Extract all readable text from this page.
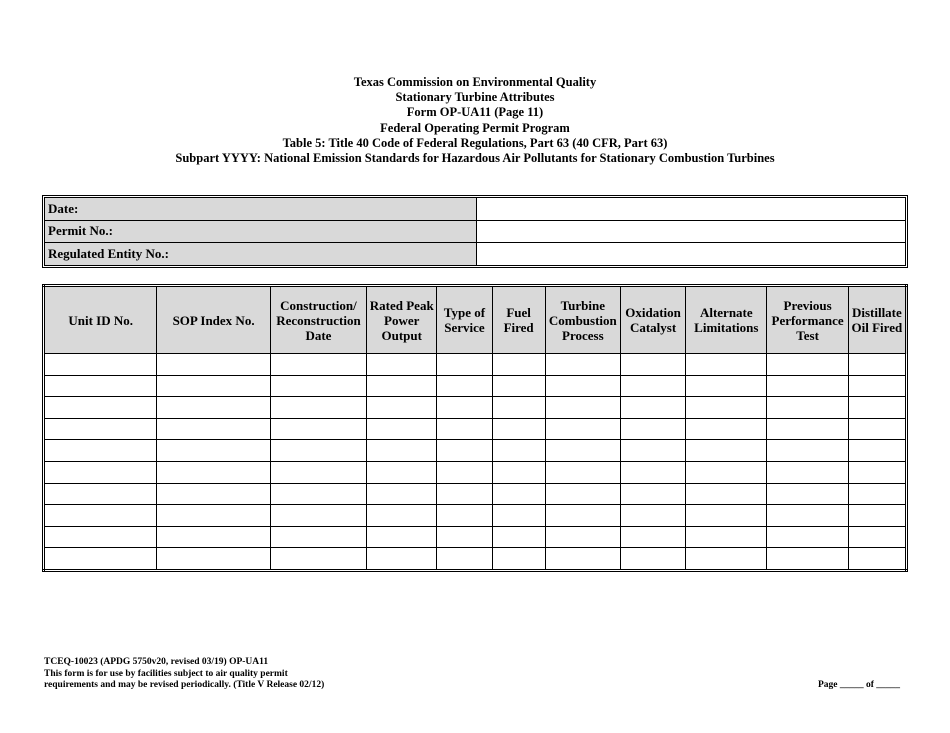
Texas Commission on Environmental Quality
Stationary Turbine Attributes
Form OP-UA11 (Page 11)
Federal Operating Permit Program
Table 5: Title 40 Code of Federal Regulations, Part 63 (40 CFR, Part 63)
Subpart YYYY: National Emission Standards for Hazardous Air Pollutants for Stationary Combustion Turbines
Date:	
Permit No.:	
Regulated Entity No.:	
Unit ID No.	SOP Index No.	Construction/ Reconstruction Date	Rated Peak Power Output	Type of Service	Fuel Fired	Turbine Combustion Process	Oxidation Catalyst	Alternate Limitations	Previous Performance Test	Distillate Oil Fired

TCEQ-10023 (APDG 5750v20, revised 03/19) OP-UA11
This form is for use by facilities subject to air quality permit
requirements and may be revised periodically. (Title V Release 02/12)	Page _____ of _____
